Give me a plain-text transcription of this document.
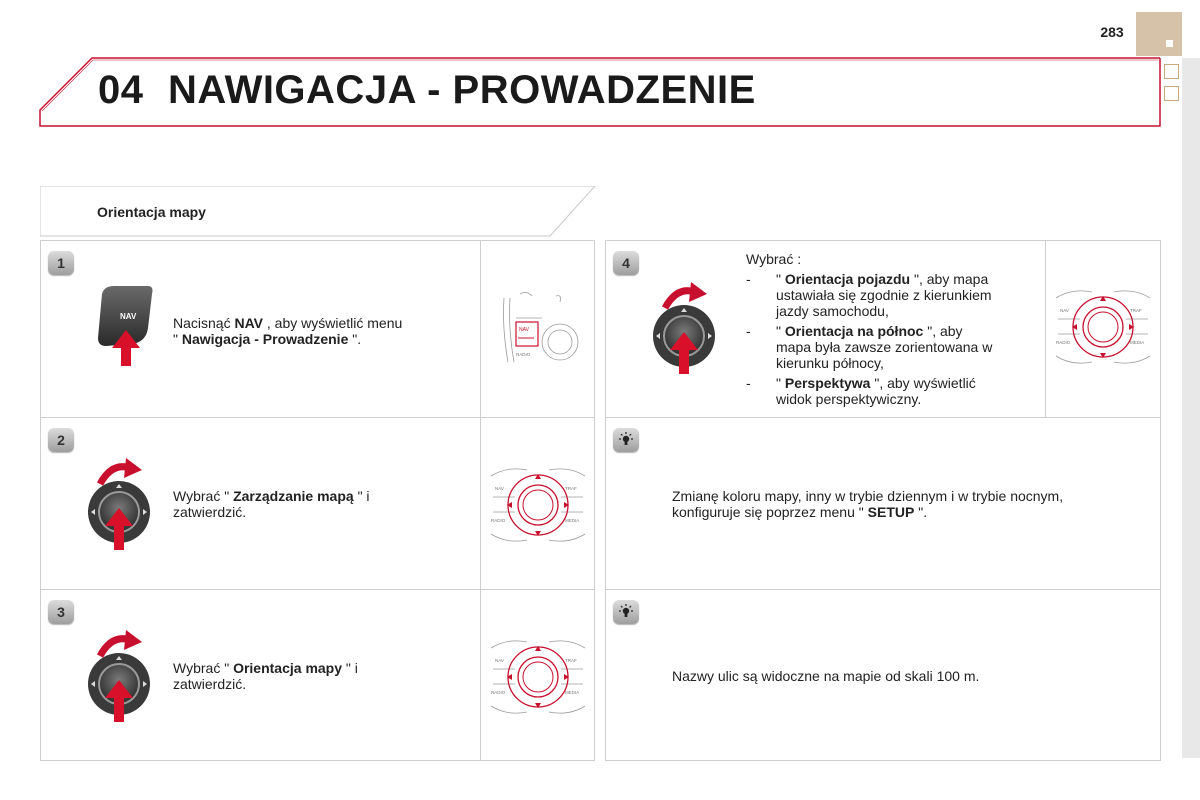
04 NAWIGACJA - PROWADZENIE
283
Orientacja mapy
1
2
3
4
NAV	Nacisnąć NAV , aby wyświetlić menu
" Nawigacja - Prowadzenie ".
NAV
RADIO
Wybrać " Zarządzanie mapą " i
zatwierdzić.
Wybrać " Orientacja mapy " i
zatwierdzić.
Wybrać :
- " Orientacja pojazdu ", aby mapa
ustawiała się zgodnie z kierunkiem
jazdy samochodu,
- " Orientacja na północ ", aby
mapa była zawsze zorientowana w
kierunku północy,
- " Perspektywa ", aby wyświetlić
widok perspektywiczny.
NAV	TRAF
RADIO	MEDIA
NAV	TRAF
RADIO	MEDIA
NAV	TRAF
RADIO	MEDIA
Zmianę koloru mapy, inny w trybie dziennym i w trybie nocnym,
konfiguruje się poprzez menu " SETUP ".
Nazwy ulic są widoczne na mapie od skali 100 m.
